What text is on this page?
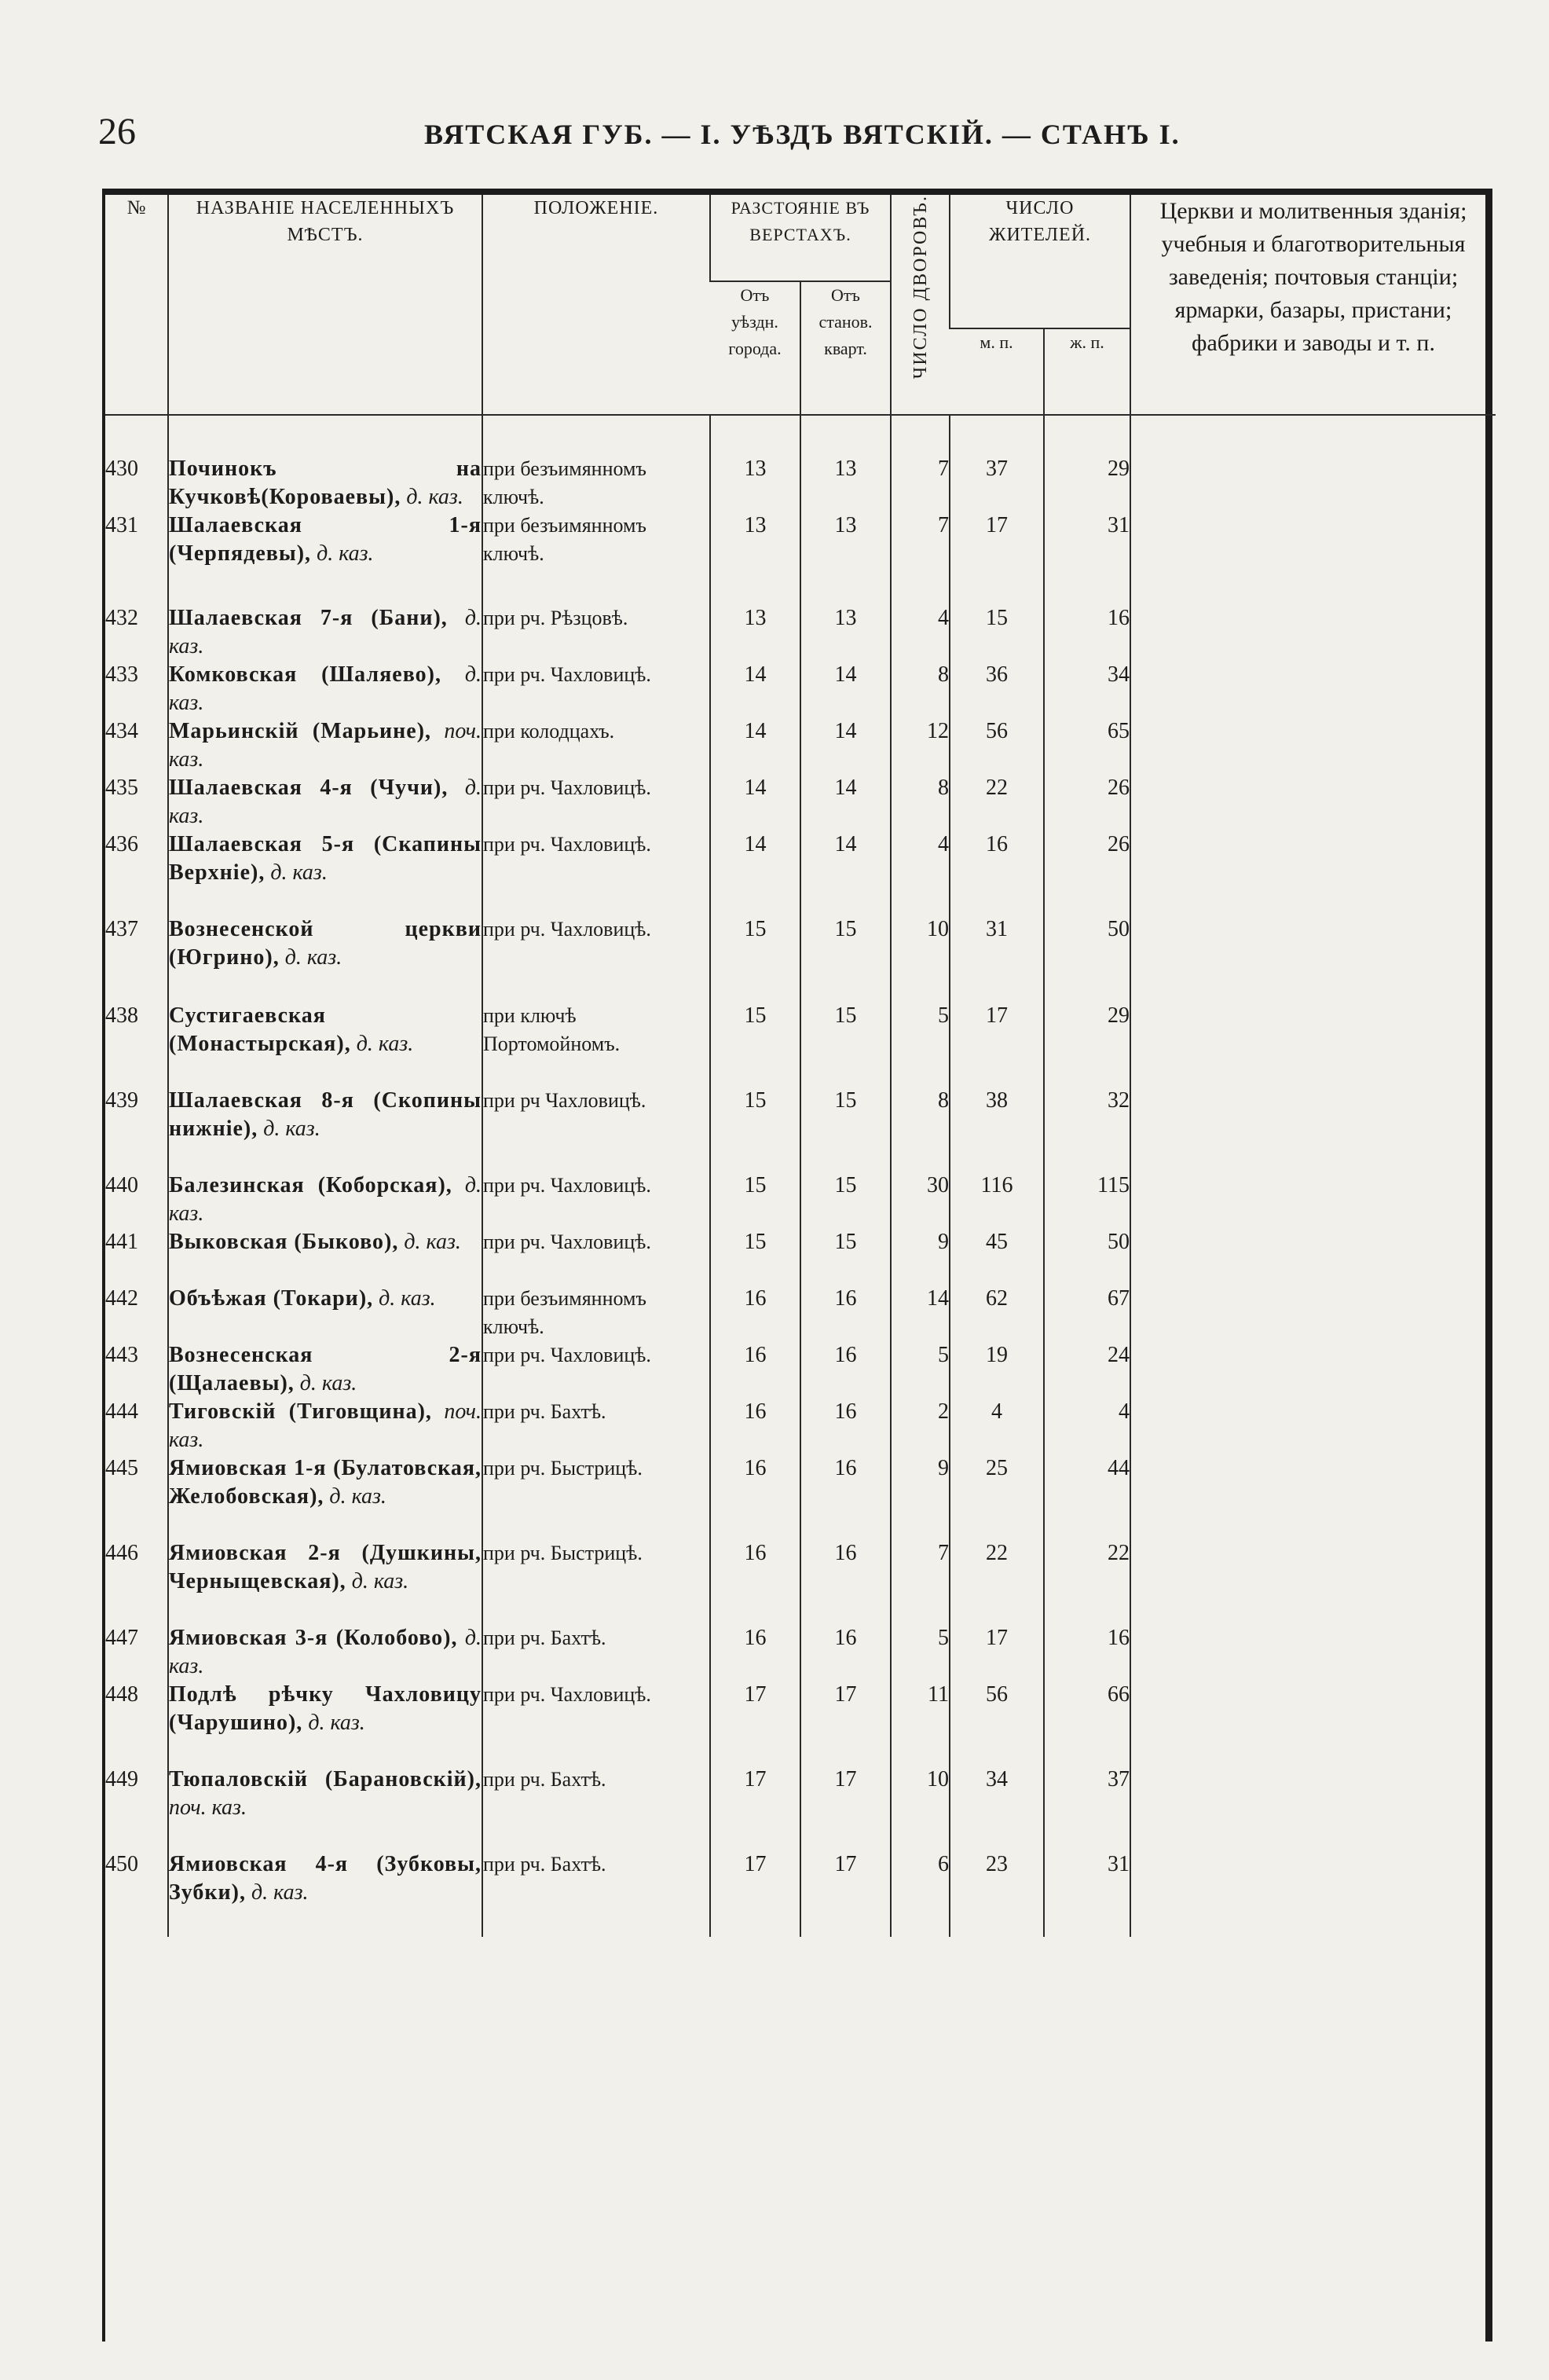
26	ВЯТСКАЯ ГУБ. — I. УѢЗДЪ ВЯТСКІЙ. — СТАНЪ I.
№	НАЗВАНІЕ НАСЕЛЕННЫХЪ МѢСТЪ.	ПОЛОЖЕНІЕ.	РАЗСТОЯНІЕ ВЪ ВЕРСТАХЪ.		ЧИСЛО ДВОРОВЪ.	ЧИСЛО ЖИТЕЛЕЙ.		Церкви и молитвенныя зданія; учебныя и благотворительныя заведенія; почтовыя станціи; ярмарки, базары, пристани; фабрики и заводы и т. п.
			Отъ уѣздн. города.	Отъ станов. кварт.				
						м. п.	ж. п.	
430	Починокъ на Кучковѣ(Короваевы), д. каз.	при безъимянномъ ключѣ.	13	13	7	37	29	
431	Шалаевская 1-я (Черпядевы), д. каз.	при безъимянномъ ключѣ.	13	13	7	17	31	
432	Шалаевская 7-я (Бани), д. каз.	при рч. Рѣзцовѣ.	13	13	4	15	16	
433	Комковская (Шаляево), д. каз.	при рч. Чахловицѣ.	14	14	8	36	34	
434	Марьинскій (Марьине), поч. каз.	при колодцахъ.	14	14	12	56	65	
435	Шалаевская 4-я (Чучи), д. каз.	при рч. Чахловицѣ.	14	14	8	22	26	
436	Шалаевская 5-я (Скапины Верхніе), д. каз.	при рч. Чахловицѣ.	14	14	4	16	26	
437	Вознесенской церкви (Югрино), д. каз.	при рч. Чахловицѣ.	15	15	10	31	50	
438	Сустигаевская (Монастырская), д. каз.	при ключѣ Портомойномъ.	15	15	5	17	29	
439	Шалаевская 8-я (Скопины нижніе), д. каз.	при рч Чахловицѣ.	15	15	8	38	32	
440	Балезинская (Коборская), д. каз.	при рч. Чахловицѣ.	15	15	30	116	115	
441	Выковская (Быково), д. каз.	при рч. Чахловицѣ.	15	15	9	45	50	
442	Объѣжая (Токари), д. каз.	при безъимянномъ ключѣ.	16	16	14	62	67	
443	Вознесенская 2-я (Щалаевы), д. каз.	при рч. Чахловицѣ.	16	16	5	19	24	
444	Тиговскій (Тиговщина), поч. каз.	при рч. Бахтѣ.	16	16	2	4	4	
445	Ямиовская 1-я (Булатовская, Желобовская), д. каз.	при рч. Быстрицѣ.	16	16	9	25	44	
446	Ямиовская 2-я (Душкины, Черныщевская), д. каз.	при рч. Быстрицѣ.	16	16	7	22	22	
447	Ямиовская 3-я (Колобово), д. каз.	при рч. Бахтѣ.	16	16	5	17	16	
448	Подлѣ рѣчку Чахловицу (Чарушино), д. каз.	при рч. Чахловицѣ.	17	17	11	56	66	
449	Тюпаловскій (Барановскій), поч. каз.	при рч. Бахтѣ.	17	17	10	34	37	
450	Ямиовская 4-я (Зубковы, Зубки), д. каз.	при рч. Бахтѣ.	17	17	6	23	31	
